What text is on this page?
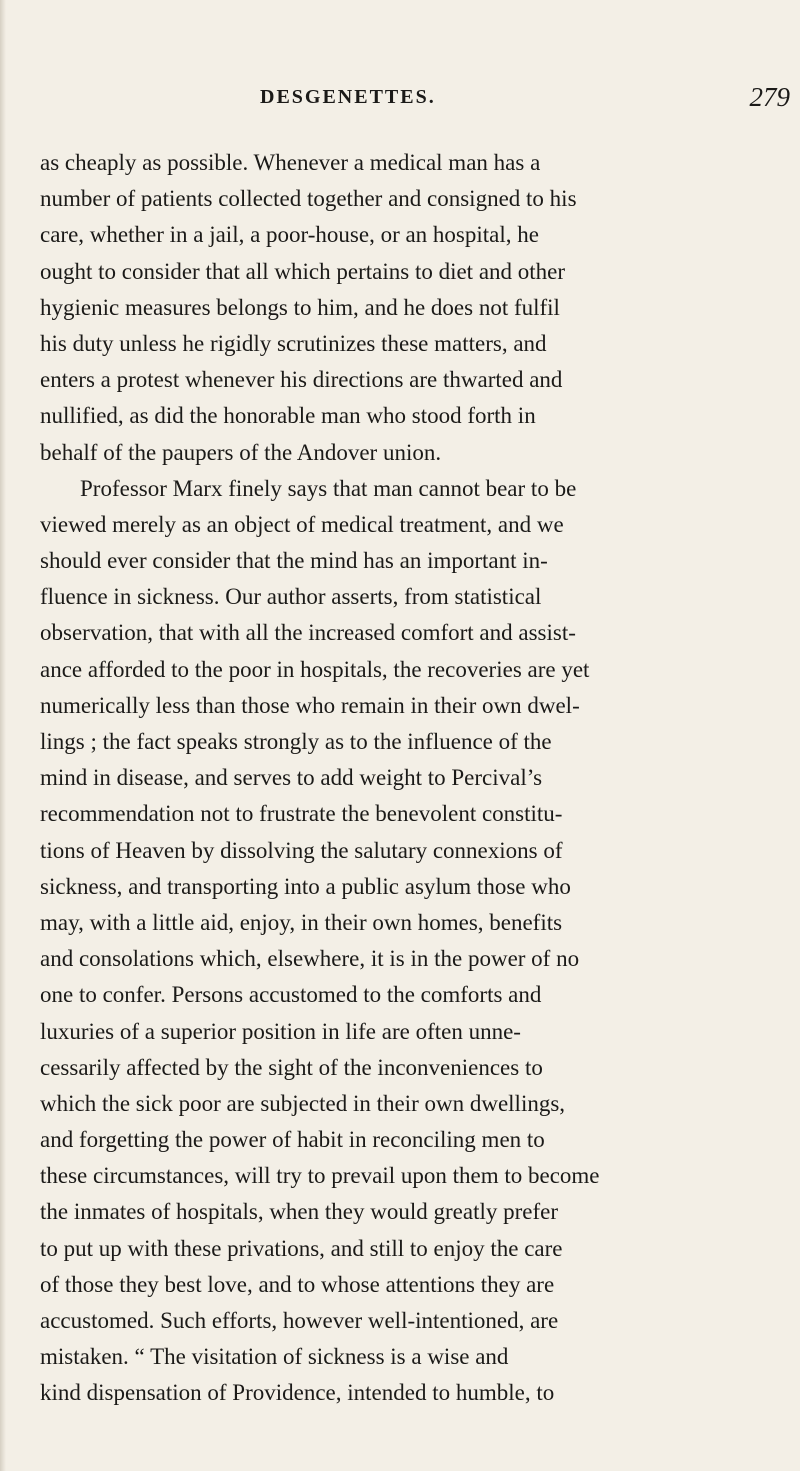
DESGENETTES.	279
as cheaply as possible. Whenever a medical man has a
number of patients collected together and consigned to his
care, whether in a jail, a poor-house, or an hospital, he
ought to consider that all which pertains to diet and other
hygienic measures belongs to him, and he does not fulfil
his duty unless he rigidly scrutinizes these matters, and
enters a protest whenever his directions are thwarted and
nullified, as did the honorable man who stood forth in
behalf of the paupers of the Andover union.
Professor Marx finely says that man cannot bear to be
viewed merely as an object of medical treatment, and we
should ever consider that the mind has an important in-
fluence in sickness. Our author asserts, from statistical
observation, that with all the increased comfort and assist-
ance afforded to the poor in hospitals, the recoveries are yet
numerically less than those who remain in their own dwel-
lings ; the fact speaks strongly as to the influence of the
mind in disease, and serves to add weight to Percival’s
recommendation not to frustrate the benevolent constitu-
tions of Heaven by dissolving the salutary connexions of
sickness, and transporting into a public asylum those who
may, with a little aid, enjoy, in their own homes, benefits
and consolations which, elsewhere, it is in the power of no
one to confer. Persons accustomed to the comforts and
luxuries of a superior position in life are often unne-
cessarily affected by the sight of the inconveniences to
which the sick poor are subjected in their own dwellings,
and forgetting the power of habit in reconciling men to
these circumstances, will try to prevail upon them to become
the inmates of hospitals, when they would greatly prefer
to put up with these privations, and still to enjoy the care
of those they best love, and to whose attentions they are
accustomed. Such efforts, however well-intentioned, are
mistaken. “ The visitation of sickness is a wise and
kind dispensation of Providence, intended to humble, to
